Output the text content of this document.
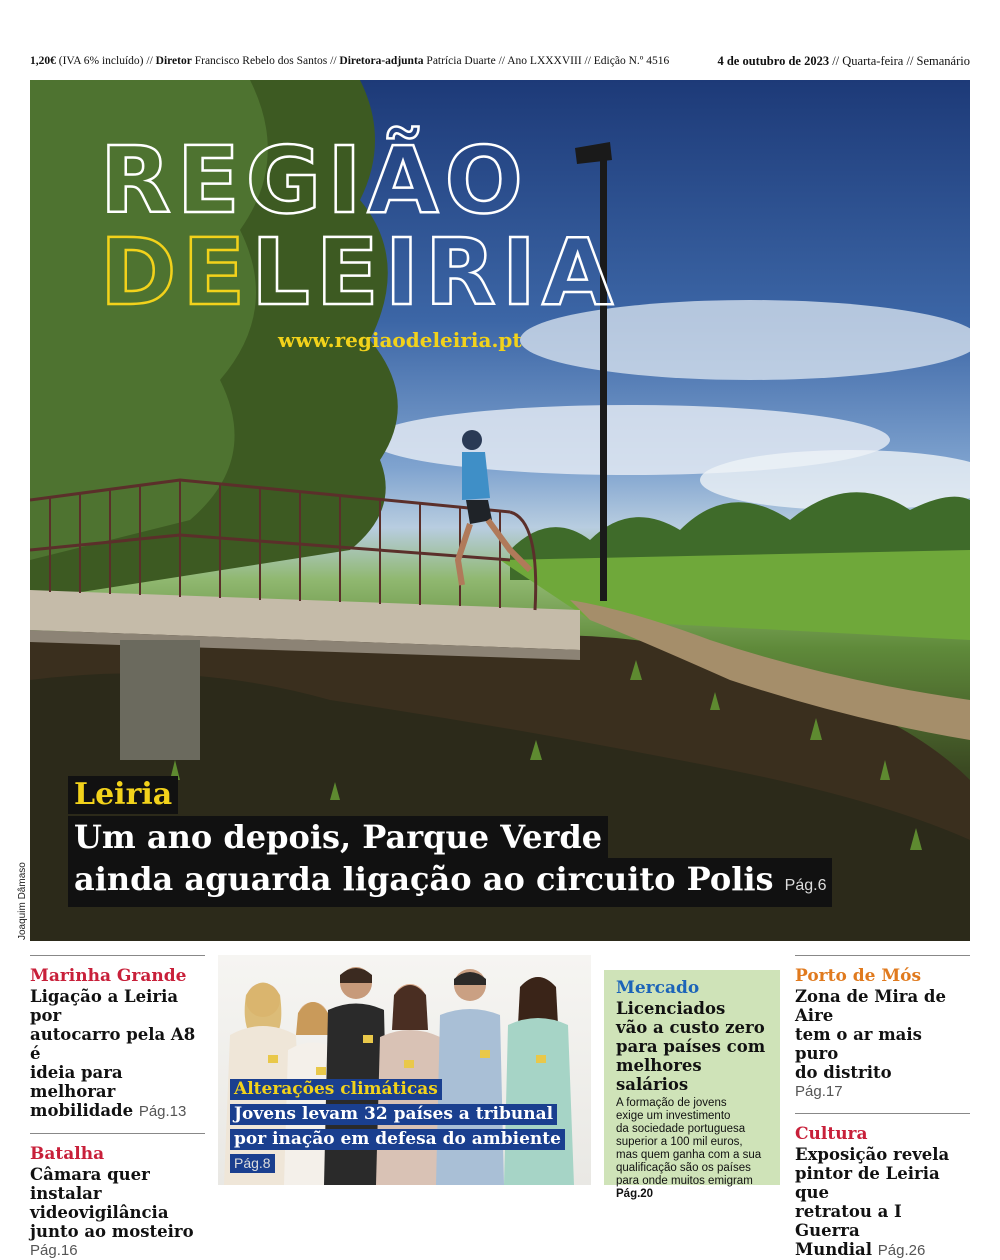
1,20€ (IVA 6% incluído) // Diretor Francisco Rebelo dos Santos // Diretora-adjunta Patrícia Duarte // Ano LXXXVIII // Edição N.º 4516	4 de outubro de 2023 // Quarta-feira // Semanário
REGIÃO
DELEIRIA
www.regiaodeleiria.pt
Leiria
Um ano depois, Parque Verde
ainda aguarda ligação ao circuito Polis Pág.6
Joaquim Dâmaso
Marinha Grande
Ligação a Leiria por
autocarro pela A8 é
ideia para melhorar
mobilidade Pág.13
Batalha
Câmara quer instalar
videovigilância
junto ao mosteiro
Pág.16
Alterações climáticas
Jovens levam 32 países a tribunal
por inação em defesa do ambiente
Pág.8
Mercado
Licenciados
vão a custo zero
para países com
melhores salários
A formação de jovens
exige um investimento
da sociedade portuguesa
superior a 100 mil euros,
mas quem ganha com a sua
qualificação são os países
para onde muitos emigram
Pág.20
Porto de Mós
Zona de Mira de Aire
tem o ar mais puro
do distrito
Pág.17
Cultura
Exposição revela
pintor de Leiria que
retratou a I Guerra
Mundial Pág.26
